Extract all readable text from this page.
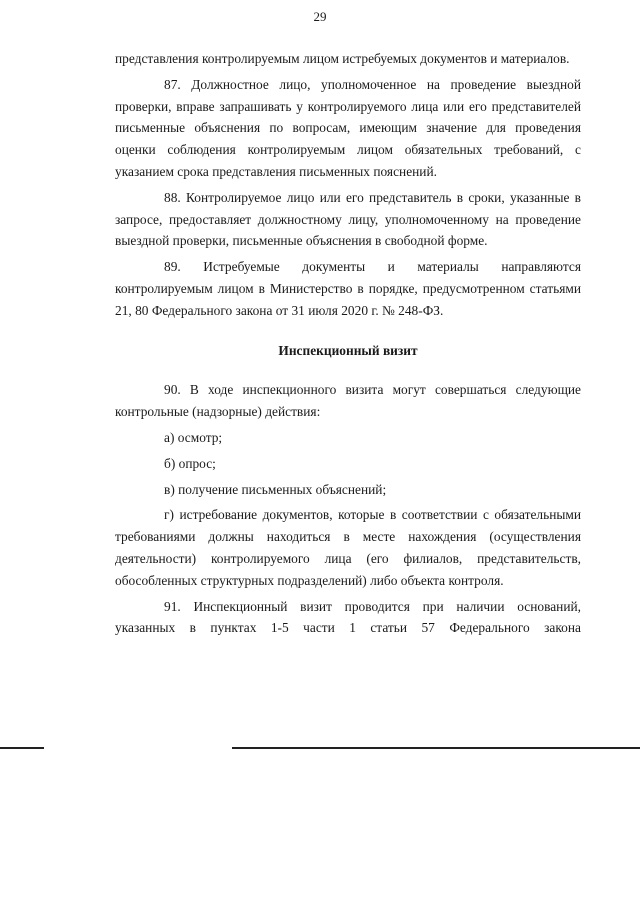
29

представления контролируемым лицом истребуемых документов и материалов.

87. Должностное лицо, уполномоченное на проведение выездной проверки, вправе запрашивать у контролируемого лица или его представителей письменные объяснения по вопросам, имеющим значение для проведения оценки соблюдения контролируемым лицом обязательных требований, с указанием срока представления письменных пояснений.

88. Контролируемое лицо или его представитель в сроки, указанные в запросе, предоставляет должностному лицу, уполномоченному на проведение выездной проверки, письменные объяснения в свободной форме.

89. Истребуемые документы и материалы направляются контролируемым лицом в Министерство в порядке, предусмотренном статьями 21, 80 Федерального закона от 31 июля 2020 г. № 248-ФЗ.

Инспекционный визит

90. В ходе инспекционного визита могут совершаться следующие контрольные (надзорные) действия:

а) осмотр;

б) опрос;

в) получение письменных объяснений;

г) истребование документов, которые в соответствии с обязательными требованиями должны находиться в месте нахождения (осуществления деятельности) контролируемого лица (его филиалов, представительств, обособленных структурных подразделений) либо объекта контроля.

91. Инспекционный визит проводится при наличии оснований, указанных в пунктах 1-5 части 1 статьи 57 Федерального закона
